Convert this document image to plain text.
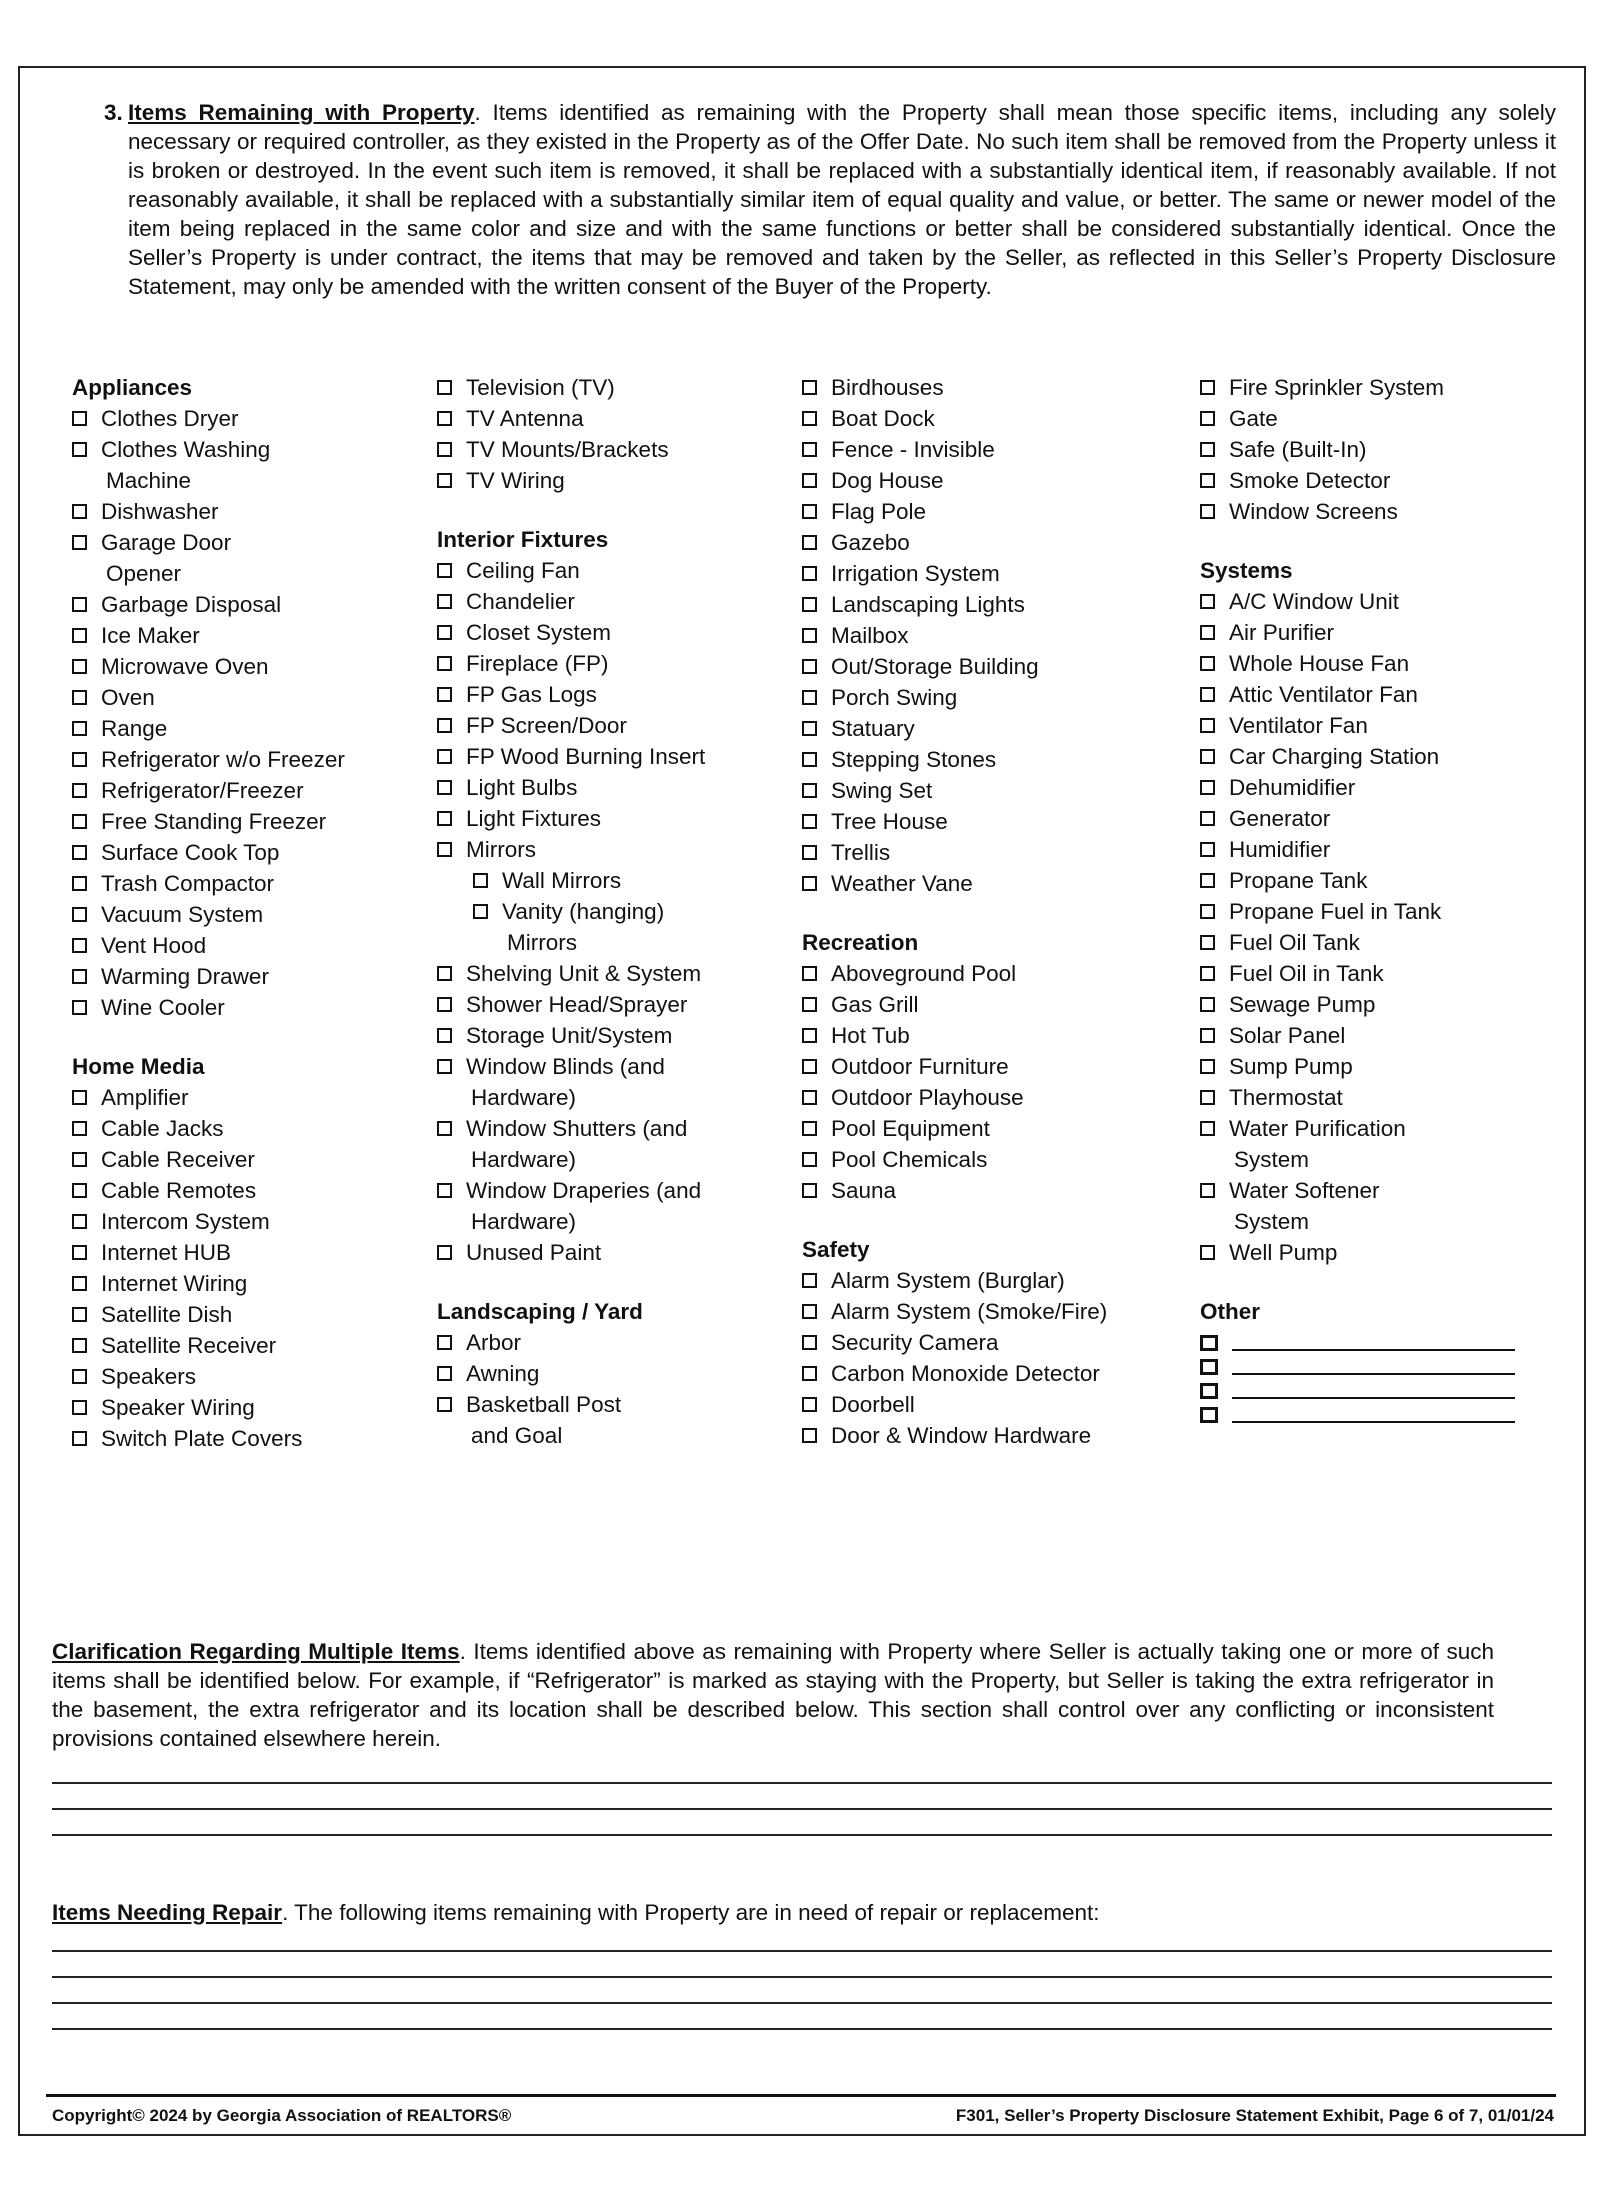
3. Items Remaining with Property. Items identified as remaining with the Property shall mean those specific items, including any solely necessary or required controller, as they existed in the Property as of the Offer Date. No such item shall be removed from the Property unless it is broken or destroyed. In the event such item is removed, it shall be replaced with a substantially identical item, if reasonably available. If not reasonably available, it shall be replaced with a substantially similar item of equal quality and value, or better. The same or newer model of the item being replaced in the same color and size and with the same functions or better shall be considered substantially identical. Once the Seller’s Property is under contract, the items that may be removed and taken by the Seller, as reflected in this Seller’s Property Disclosure Statement, may only be amended with the written consent of the Buyer of the Property.
Appliances
Clothes Dryer
Clothes Washing
Machine
Dishwasher
Garage Door
Opener
Garbage Disposal
Ice Maker
Microwave Oven
Oven
Range
Refrigerator w/o Freezer
Refrigerator/Freezer
Free Standing Freezer
Surface Cook Top
Trash Compactor
Vacuum System
Vent Hood
Warming Drawer
Wine Cooler
Home Media
Amplifier
Cable Jacks
Cable Receiver
Cable Remotes
Intercom System
Internet HUB
Internet Wiring
Satellite Dish
Satellite Receiver
Speakers
Speaker Wiring
Switch Plate Covers
Television (TV)
TV Antenna
TV Mounts/Brackets
TV Wiring
Interior Fixtures
Ceiling Fan
Chandelier
Closet System
Fireplace (FP)
FP Gas Logs
FP Screen/Door
FP Wood Burning Insert
Light Bulbs
Light Fixtures
Mirrors
Wall Mirrors
Vanity (hanging)
Mirrors
Shelving Unit & System
Shower Head/Sprayer
Storage Unit/System
Window Blinds (and
Hardware)
Window Shutters (and
Hardware)
Window Draperies (and
Hardware)
Unused Paint
Landscaping / Yard
Arbor
Awning
Basketball Post
and Goal
Birdhouses
Boat Dock
Fence - Invisible
Dog House
Flag Pole
Gazebo
Irrigation System
Landscaping Lights
Mailbox
Out/Storage Building
Porch Swing
Statuary
Stepping Stones
Swing Set
Tree House
Trellis
Weather Vane
Recreation
Aboveground Pool
Gas Grill
Hot Tub
Outdoor Furniture
Outdoor Playhouse
Pool Equipment
Pool Chemicals
Sauna
Safety
Alarm System (Burglar)
Alarm System (Smoke/Fire)
Security Camera
Carbon Monoxide Detector
Doorbell
Door & Window Hardware
Fire Sprinkler System
Gate
Safe (Built-In)
Smoke Detector
Window Screens
Systems
A/C Window Unit
Air Purifier
Whole House Fan
Attic Ventilator Fan
Ventilator Fan
Car Charging Station
Dehumidifier
Generator
Humidifier
Propane Tank
Propane Fuel in Tank
Fuel Oil Tank
Fuel Oil in Tank
Sewage Pump
Solar Panel
Sump Pump
Thermostat
Water Purification
System
Water Softener
System
Well Pump
Other
Clarification Regarding Multiple Items. Items identified above as remaining with Property where Seller is actually taking one or more of such items shall be identified below. For example, if “Refrigerator” is marked as staying with the Property, but Seller is taking the extra refrigerator in the basement, the extra refrigerator and its location shall be described below. This section shall control over any conflicting or inconsistent provisions contained elsewhere herein.
Items Needing Repair. The following items remaining with Property are in need of repair or replacement:
Copyright© 2024 by Georgia Association of REALTORS®	F301, Seller’s Property Disclosure Statement Exhibit, Page 6 of 7, 01/01/24
